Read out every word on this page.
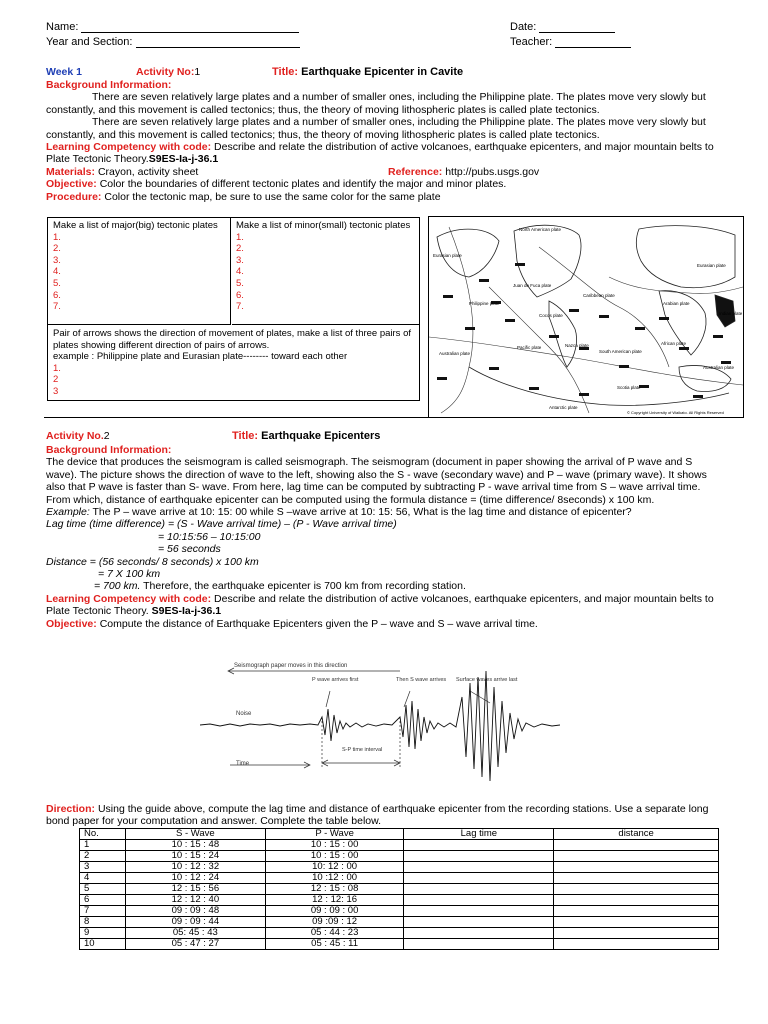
Name:
Year and Section:
Date:
Teacher:
Week 1	Activity No:1	Title: Earthquake Epicenter in Cavite
Background Information:
There are seven relatively large plates and a number of smaller ones, including the Philippine plate. The plates move very slowly but constantly, and this movement is called tectonics; thus, the theory of moving lithospheric plates is called plate tectonics.
There are seven relatively large plates and a number of smaller ones, including the Philippine plate. The plates move very slowly but constantly, and this movement is called tectonics; thus, the theory of moving lithospheric plates is called plate tectonics.
Learning Competency with code: Describe and relate the distribution of active volcanoes, earthquake epicenters, and major mountain belts to Plate Tectonic Theory.S9ES-Ia-j-36.1
Materials: Crayon, activity sheet	Reference: http://pubs.usgs.gov
Objective: Color the boundaries of different tectonic plates and identify the major and minor plates.
Procedure: Color the tectonic map, be sure to use the same color for the same plate
Make a list of major(big) tectonic plates
1.
2.
3.
4.
5.
6.
7.
Make a list of minor(small) tectonic plates
1.
2.
3.
4.
5.
6.
7.
Pair of arrows shows the direction of movement of plates, make a list of three pairs of plates showing different direction of pairs of arrows.
example : Philippine plate and Eurasian plate-------- toward each other
1.
2
3
Eurasian plate
North American plate
Juan de Fuca plate
Eurasian plate
Philippine plate
Caribbean plate
Arabian plate
Indian plate
Cocos plate
Pacific plate	Nazca plate	African plate
Australian plate	South American plate
Australian plate
Scotia plate
Antarctic plate
© Copyright University of Waikato. All Rights Reserved
Activity No.2	Title: Earthquake Epicenters
Background Information:
The device that produces the seismogram is called seismograph. The seismogram (document in paper showing the arrival of P wave and S wave). The picture shows the direction of wave to the left, showing also the S - wave (secondary wave) and P – wave (primary wave). It shows also that P wave is faster than S- wave. From here, lag time can be computed by subtracting P - wave arrival time from S – wave arrival time. From which, distance of earthquake epicenter can be computed using the formula distance = (time difference/ 8seconds) x 100 km.
Example: The P – wave arrive at 10: 15: 00 while S –wave arrive at 10: 15: 56, What is the lag time and distance of epicenter?
Lag time (time difference) = (S - Wave arrival time) – (P - Wave arrival time)
= 10:15:56 – 10:15:00
= 56 seconds
Distance = (56 seconds/ 8 seconds) x 100 km
= 7 X 100 km
= 700 km. Therefore, the earthquake epicenter is 700 km from recording station.
Learning Competency with code: Describe and relate the distribution of active volcanoes, earthquake epicenters, and major mountain belts to Plate Tectonic Theory. S9ES-Ia-j-36.1
Objective: Compute the distance of Earthquake Epicenters given the P – wave and S – wave arrival time.
Seismograph paper moves in this direction
P wave arrives first	Then S wave arrives Surface waves arrive last
Noise
Time
S-P time interval
Direction: Using the guide above, compute the lag time and distance of earthquake epicenter from the recording stations. Use a separate long bond paper for your computation and answer. Complete the table below.
No.	S - Wave	P - Wave	Lag time	distance
1	10 : 15 : 48	10 : 15 : 00		
2	10 : 15 : 24	10 : 15 : 00		
3	10 : 12 : 32	10: 12 : 00		
4	10 : 12 : 24	10 :12 : 00		
5	12 : 15 : 56	12 : 15 : 08		
6	12 : 12 : 40	12 : 12: 16		
7	09 : 09 : 48	09 : 09 : 00		
8	09 : 09 : 44	09 :09 : 12		
9	05: 45 : 43	05 : 44 : 23		
10	05 : 47 : 27	05 : 45 : 11		
